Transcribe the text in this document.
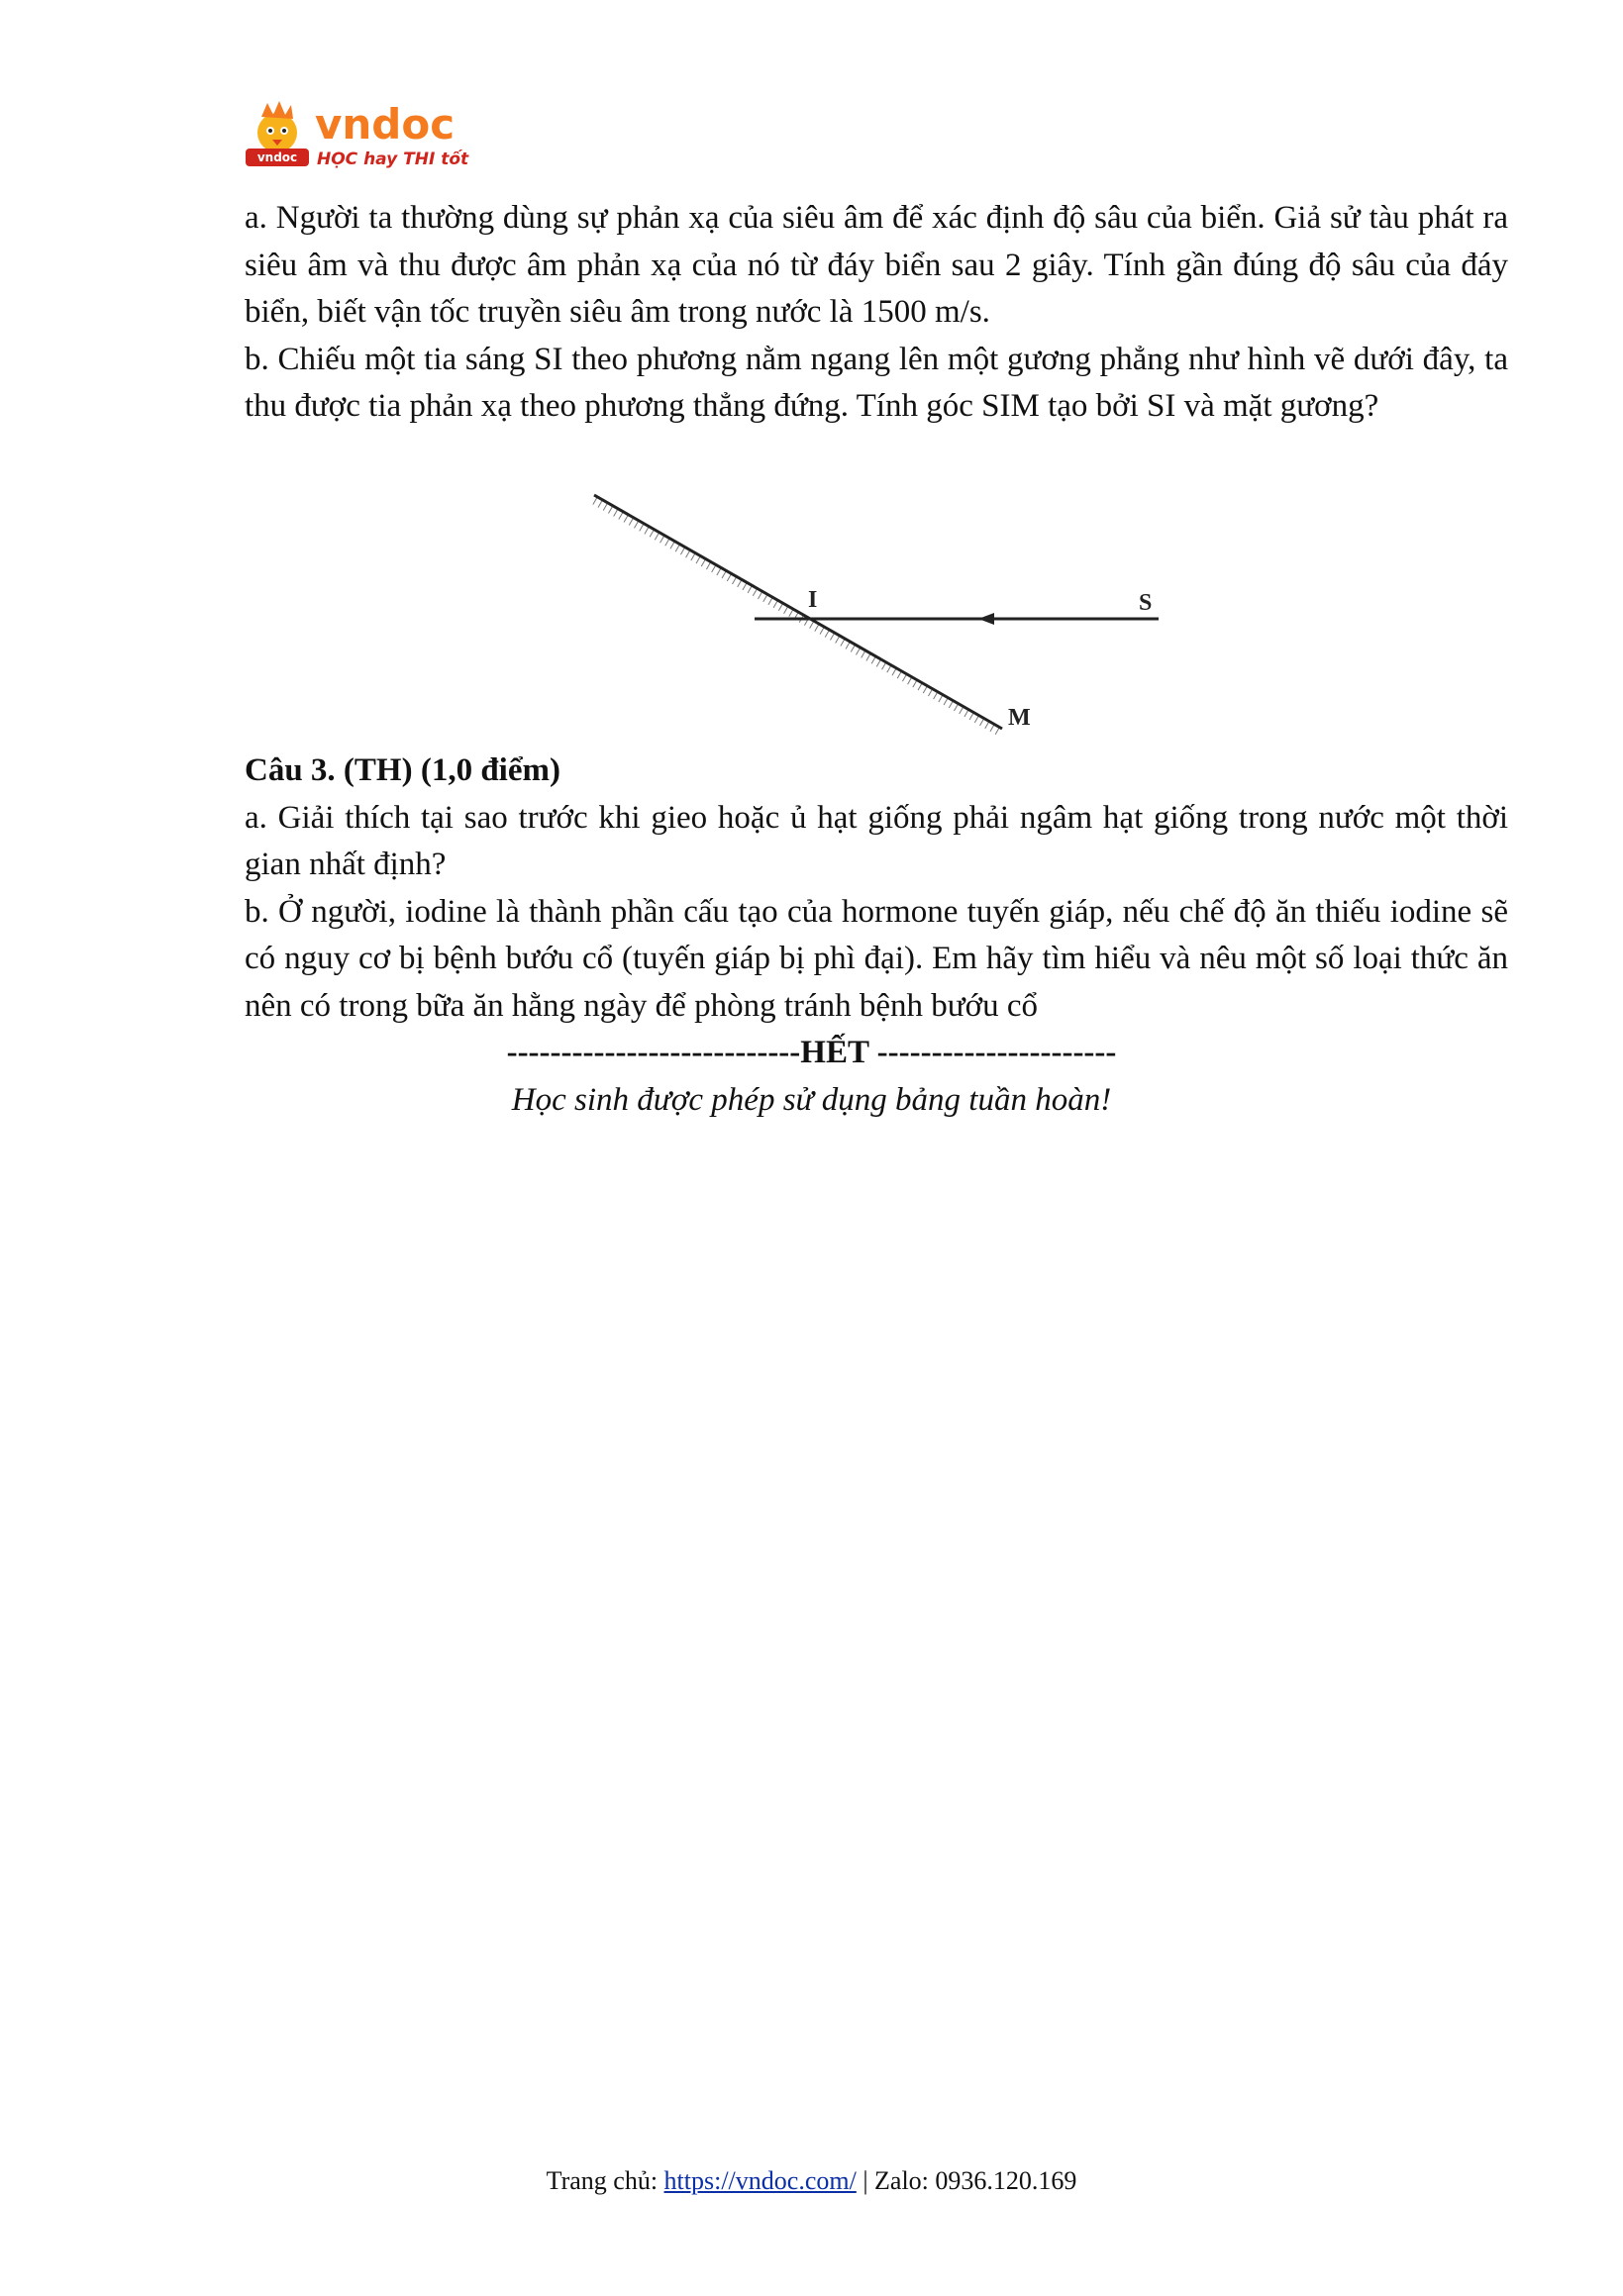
vndoc
vndoc
HỌC hay THI tốt

a. Người ta thường dùng sự phản xạ của siêu âm để xác định độ sâu của biển. Giả sử tàu phát ra siêu âm và thu được âm phản xạ của nó từ đáy biển sau 2 giây. Tính gần đúng độ sâu của đáy biển, biết vận tốc truyền siêu âm trong nước là 1500 m/s.

b. Chiếu một tia sáng SI theo phương nằm ngang lên một gương phẳng như hình vẽ dưới đây, ta thu được tia phản xạ theo phương thẳng đứng. Tính góc SIM tạo bởi SI và mặt gương?

I	S
M

Câu 3. (TH) (1,0 điểm)

a. Giải thích tại sao trước khi gieo hoặc ủ hạt giống phải ngâm hạt giống trong nước một thời gian nhất định?

b. Ở người, iodine là thành phần cấu tạo của hormone tuyến giáp, nếu chế độ ăn thiếu iodine sẽ có nguy cơ bị bệnh bướu cổ (tuyến giáp bị phì đại). Em hãy tìm hiểu và nêu một số loại thức ăn nên có trong bữa ăn hằng ngày để phòng tránh bệnh bướu cổ

---------------------------HẾT ----------------------

Học sinh được phép sử dụng bảng tuần hoàn!

Trang chủ: https://vndoc.com/ | Zalo: 0936.120.169
